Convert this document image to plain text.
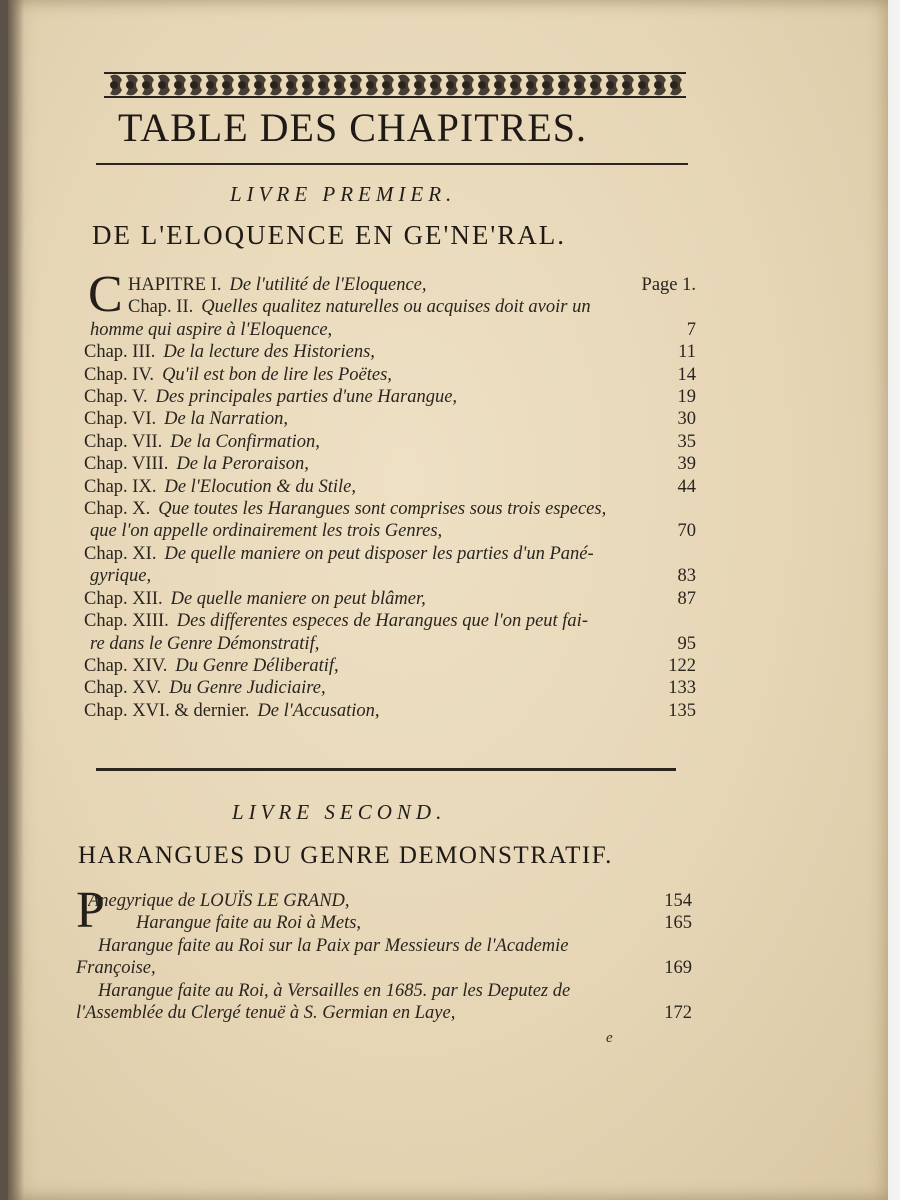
TABLE DES CHAPITRES.
LIVRE PREMIER.
DE L'ELOQUENCE EN GE'NE'RAL.
C HAPITRE I. De l'utilité de l'Eloquence,	Page 1.
Chap. II. Quelles qualitez naturelles ou acquises doit avoir un
homme qui aspire à l'Eloquence,	7
Chap. III. De la lecture des Historiens,	11
Chap. IV. Qu'il est bon de lire les Poëtes,	14
Chap. V. Des principales parties d'une Harangue,	19
Chap. VI. De la Narration,	30
Chap. VII. De la Confirmation,	35
Chap. VIII. De la Peroraison,	39
Chap. IX. De l'Elocution & du Stile,	44
Chap. X. Que toutes les Harangues sont comprises sous trois especes,
que l'on appelle ordinairement les trois Genres,	70
Chap. XI. De quelle maniere on peut disposer les parties d'un Pané-
gyrique,	83
Chap. XII. De quelle maniere on peut blâmer,	87
Chap. XIII. Des differentes especes de Harangues que l'on peut fai-
re dans le Genre Démonstratif,	95
Chap. XIV. Du Genre Déliberatif,	122
Chap. XV. Du Genre Judiciaire,	133
Chap. XVI. & dernier. De l'Accusation,	135
LIVRE SECOND.
HARANGUES DU GENRE DEMONSTRATIF.
P
Anegyrique de LOUÏS LE GRAND,	154
Harangue faite au Roi à Mets,	165
Harangue faite au Roi sur la Paix par Messieurs de l'Academie
Françoise,	169
Harangue faite au Roi, à Versailles en 1685. par les Deputez de
l'Assemblée du Clergé tenuë à S. Germian en Laye,	172
e
